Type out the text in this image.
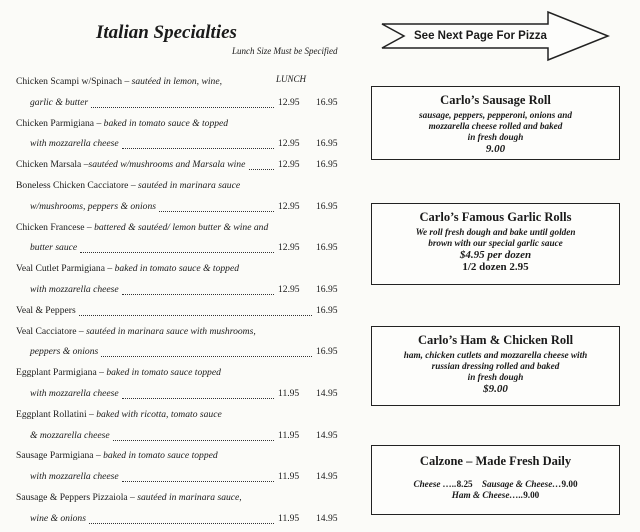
Italian Specialties
Lunch Size Must be Specified
LUNCH
Chicken Scampi w/Spinach – sautéed in lemon, wine,
garlic & butter	12.95 16.95
Chicken Parmigiana – baked in tomato sauce & topped
with mozzarella cheese	12.95 16.95
Chicken Marsala –sautéed w/mushrooms and Marsala wine	12.95 16.95
Boneless Chicken Cacciatore – sautéed in marinara sauce
w/mushrooms, peppers & onions	12.95 16.95
Chicken Francese – battered & sautéed/ lemon butter & wine and
butter sauce	12.95 16.95
Veal Cutlet Parmigiana – baked in tomato sauce & topped
with mozzarella cheese	12.95 16.95
Veal & Peppers	16.95
Veal Cacciatore – sautéed in marinara sauce with mushrooms,
peppers & onions	16.95
Eggplant Parmigiana – baked in tomato sauce topped
with mozzarella cheese	11.95 14.95
Eggplant Rollatini – baked with ricotta, tomato sauce
& mozzarella cheese	11.95 14.95
Sausage Parmigiana – baked in tomato sauce topped
with mozzarella cheese	11.95 14.95
Sausage & Peppers Pizzaiola – sautéed in marinara sauce,
wine & onions	11.95 14.95
See Next Page For Pizza
Carlo’s Sausage Roll

sausage, peppers, pepperoni, onions and

mozzarella cheese rolled and baked

in fresh dough

9.00

Carlo’s Famous Garlic Rolls

We roll fresh dough and bake until golden

brown with our special garlic sauce

$4.95 per dozen

1/2 dozen 2.95

Carlo’s Ham & Chicken Roll

ham, chicken cutlets and mozzarella cheese with

russian dressing rolled and baked

in fresh dough

$9.00

Calzone – Made Fresh Daily

Cheese …..8.25 Sausage & Cheese…9.00

Ham & Cheese…..9.00
